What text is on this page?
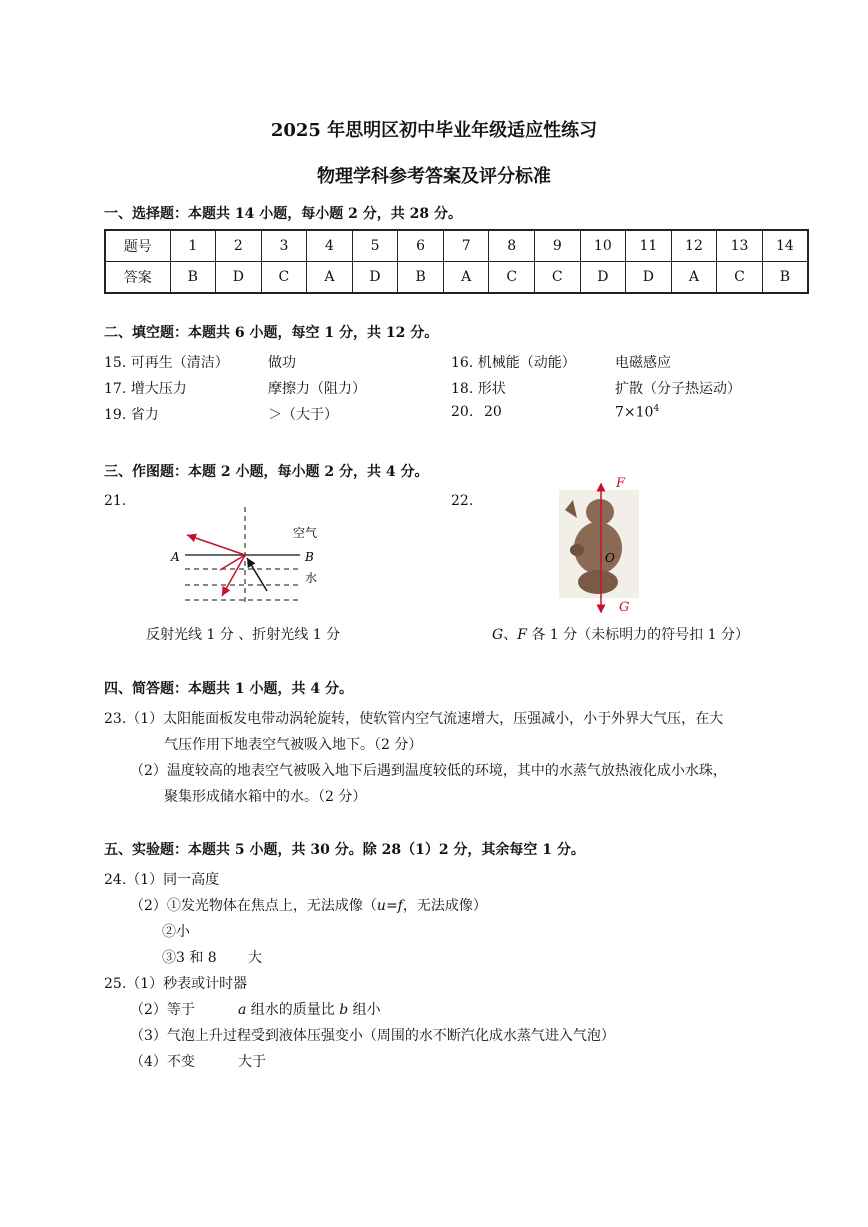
2025 年思明区初中毕业年级适应性练习
物理学科参考答案及评分标准
一、选择题：本题共 14 小题，每小题 2 分，共 28 分。
题号	1	2	3	4	5	6	7	8	9	10	11	12	13	14
答案	B	D	C	A	D	B	A	C	C	D	D	A	C	B
二、填空题：本题共 6 小题，每空 1 分，共 12 分。
15. 可再生（清洁）	做功	16. 机械能（动能）	电磁感应
17. 增大压力	摩擦力（阻力）	18. 形状	扩散（分子热运动）
19. 省力	＞（大于）	20. 20	$7\times 10^4$
三、作图题：本题 2 小题，每小题 2 分，共 4 分。
21.	22.
空气
水
A	B
F
O
G
反射光线 1 分 、折射光线 1 分	G、F 各 1 分（未标明力的符号扣 1 分）
四、简答题：本题共 1 小题，共 4 分。
23.（1）太阳能面板发电带动涡轮旋转，使软管内空气流速增大，压强减小，小于外界大气压，在大
气压作用下地表空气被吸入地下。（2 分）
（2）温度较高的地表空气被吸入地下后遇到温度较低的环境，其中的水蒸气放热液化成小水珠，
聚集形成储水箱中的水。（2 分）
五、实验题：本题共 5 小题，共 30 分。除 28（1）2 分，其余每空 1 分。
24.（1）同一高度
（2）①发光物体在焦点上，无法成像（u=f，无法成像）
②小
③3 和 8 大
25.（1）秒表或计时器
（2）等于	a 组水的质量比 b 组小
（3）气泡上升过程受到液体压强变小（周围的水不断汽化成水蒸气进入气泡）
（4）不变	大于
